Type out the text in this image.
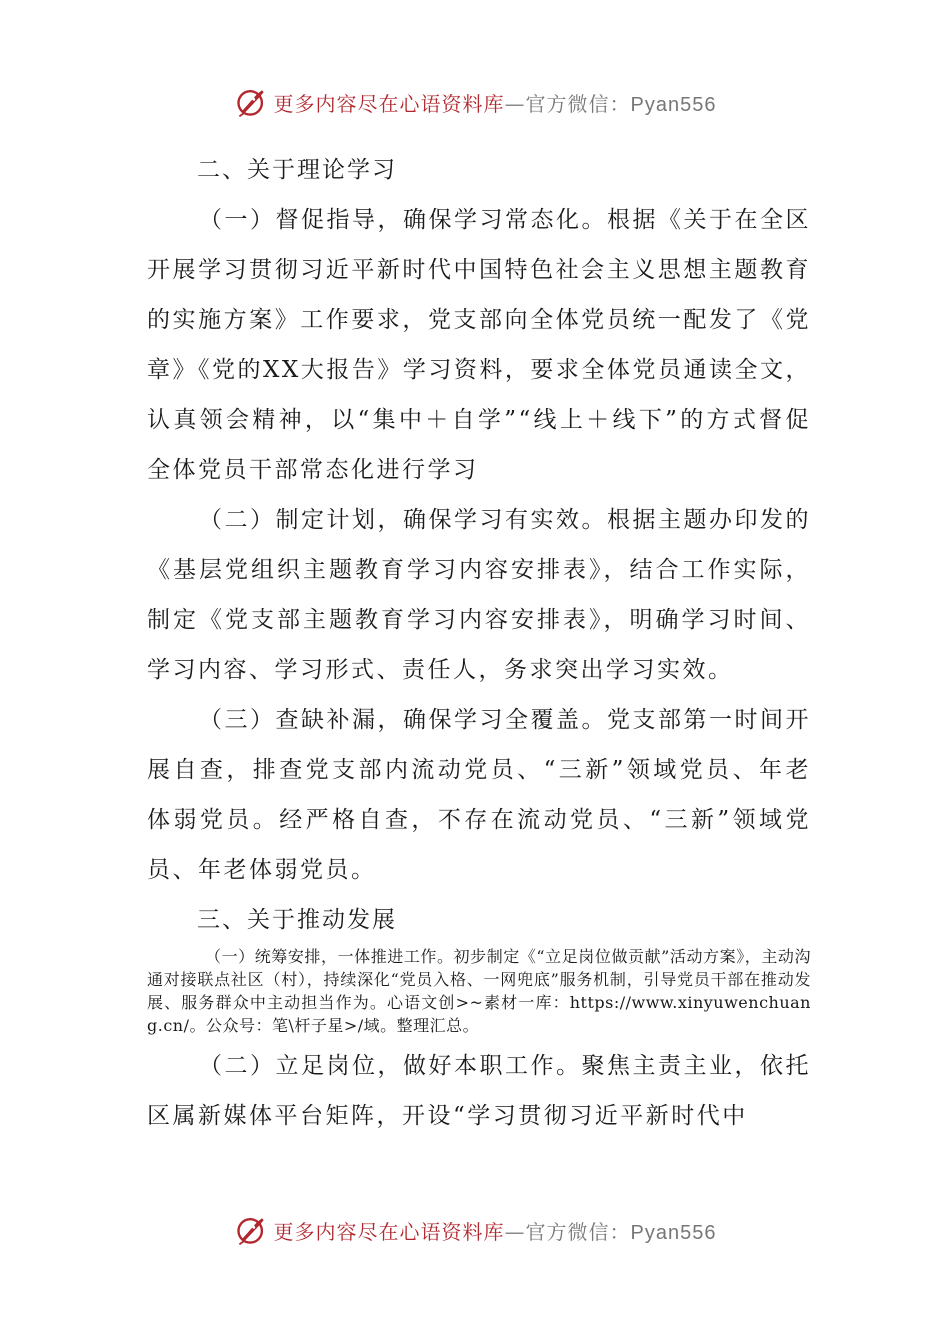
更多内容尽在心语资料库—官方微信：Pyan556
二、关于理论学习

（一）督促指导，确保学习常态化。根据《关于在全区开展学习贯彻习近平新时代中国特色社会主义思想主题教育的实施方案》工作要求，党支部向全体党员统一配发了《党章》《党的XX大报告》学习资料，要求全体党员通读全文，认真领会精神，以“集中＋自学”“线上＋线下”的方式督促全体党员干部常态化进行学习

（二）制定计划，确保学习有实效。根据主题办印发的《基层党组织主题教育学习内容安排表》，结合工作实际，制定《党支部主题教育学习内容安排表》，明确学习时间、学习内容、学习形式、责任人，务求突出学习实效。

（三）查缺补漏，确保学习全覆盖。党支部第一时间开展自查，排查党支部内流动党员、“三新”领域党员、年老体弱党员。经严格自查，不存在流动党员、“三新”领域党员、年老体弱党员。

三、关于推动发展

（一）统筹安排，一体推进工作。初步制定《“立足岗位做贡献”活动方案》，主动沟通对接联点社区（村），持续深化“党员入格、一网兜底”服务机制，引导党员干部在推动发展、服务群众中主动担当作为。心语文创>~素材一库：https://www.xinyuwenchuang.cn/。公众号：笔\杆子星>/域。整理汇总。

（二）立足岗位，做好本职工作。聚焦主责主业，依托区属新媒体平台矩阵，开设“学习贯彻习近平新时代中

更多内容尽在心语资料库—官方微信：Pyan556
